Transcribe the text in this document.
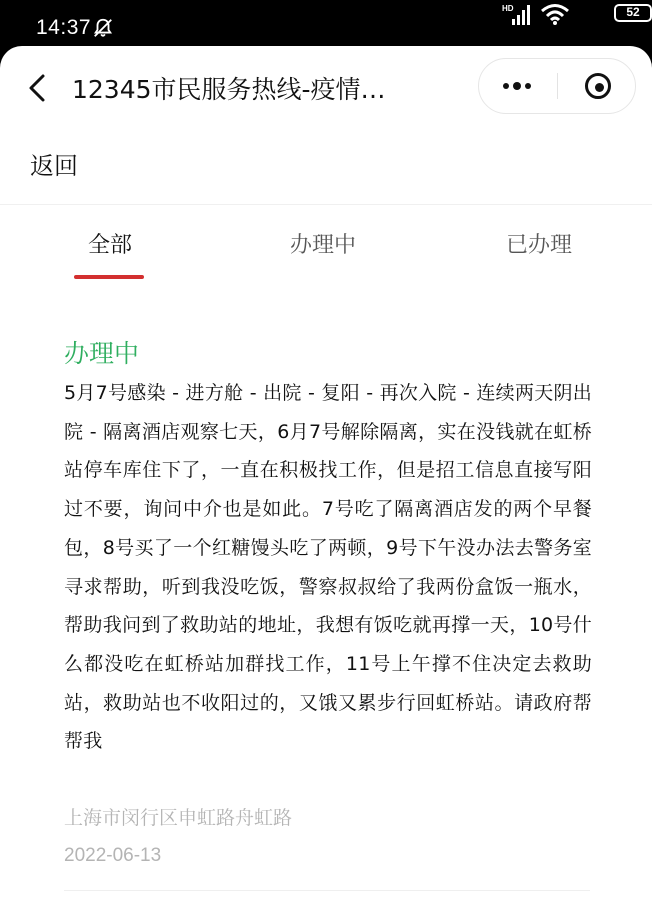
14:37
HD	52
12345市民服务热线-疫情…
返回
全部	办理中	已办理
办理中
5月7号感染 - 进方舱 - 出院 - 复阳 - 再次入院 - 连续两天阴出院 - 隔离酒店观察七天，6月7号解除隔离，实在没钱就在虹桥站停车库住下了，一直在积极找工作，但是招工信息直接写阳过不要，询问中介也是如此。7号吃了隔离酒店发的两个早餐包，8号买了一个红糖馒头吃了两顿，9号下午没办法去警务室寻求帮助，听到我没吃饭，警察叔叔给了我两份盒饭一瓶水，帮助我问到了救助站的地址，我想有饭吃就再撑一天，10号什么都没吃在虹桥站加群找工作，11号上午撑不住决定去救助站，救助站也不收阳过的，又饿又累步行回虹桥站。请政府帮帮我
上海市闵行区申虹路舟虹路
2022-06-13
